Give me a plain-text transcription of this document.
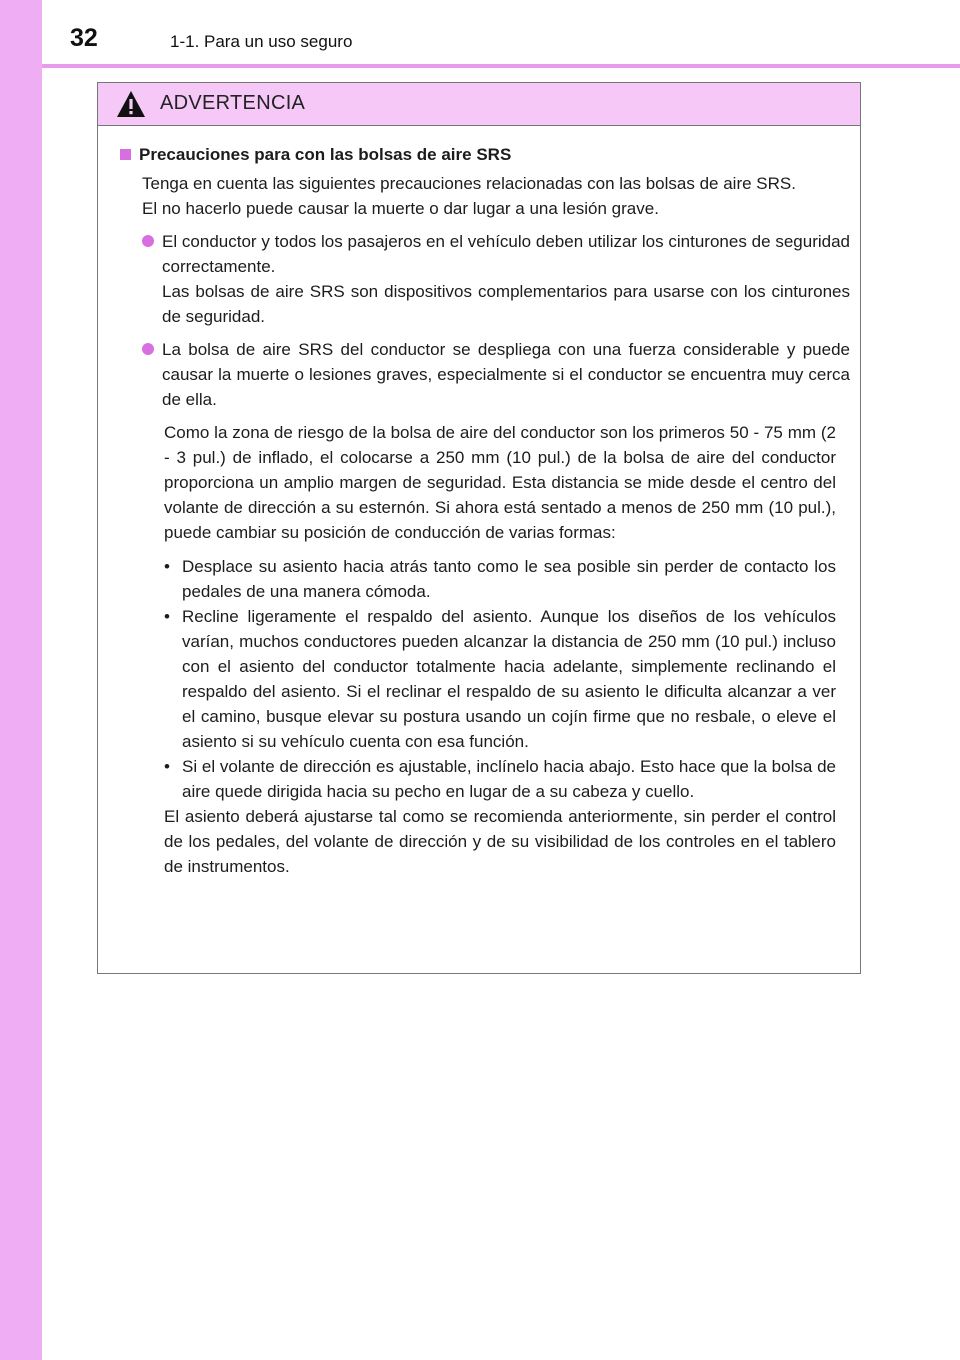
32	1-1. Para un uso seguro
ADVERTENCIA
Precauciones para con las bolsas de aire SRS
Tenga en cuenta las siguientes precauciones relacionadas con las bolsas de aire SRS.
El no hacerlo puede causar la muerte o dar lugar a una lesión grave.

El conductor y todos los pasajeros en el vehículo deben utilizar los cinturones de seguridad correctamente.

Las bolsas de aire SRS son dispositivos complementarios para usarse con los cinturones de seguridad.

La bolsa de aire SRS del conductor se despliega con una fuerza considerable y puede causar la muerte o lesiones graves, especialmente si el conductor se encuentra muy cerca de ella.

Como la zona de riesgo de la bolsa de aire del conductor son los primeros 50 - 75 mm (2 - 3 pul.) de inflado, el colocarse a 250 mm (10 pul.) de la bolsa de aire del conductor proporciona un amplio margen de seguridad. Esta distancia se mide desde el centro del volante de dirección a su esternón. Si ahora está sentado a menos de 250 mm (10 pul.), puede cambiar su posición de conducción de varias formas:
• Desplace su asiento hacia atrás tanto como le sea posible sin perder de contacto los pedales de una manera cómoda.
• Recline ligeramente el respaldo del asiento. Aunque los diseños de los vehículos varían, muchos conductores pueden alcanzar la distancia de 250 mm (10 pul.) incluso con el asiento del conductor totalmente hacia adelante, simplemente reclinando el respaldo del asiento. Si el reclinar el respaldo de su asiento le dificulta alcanzar a ver el camino, busque elevar su postura usando un cojín firme que no resbale, o eleve el asiento si su vehículo cuenta con esa función.
• Si el volante de dirección es ajustable, inclínelo hacia abajo. Esto hace que la bolsa de aire quede dirigida hacia su pecho en lugar de a su cabeza y cuello.
El asiento deberá ajustarse tal como se recomienda anteriormente, sin perder el control de los pedales, del volante de dirección y de su visibilidad de los controles en el tablero de instrumentos.
